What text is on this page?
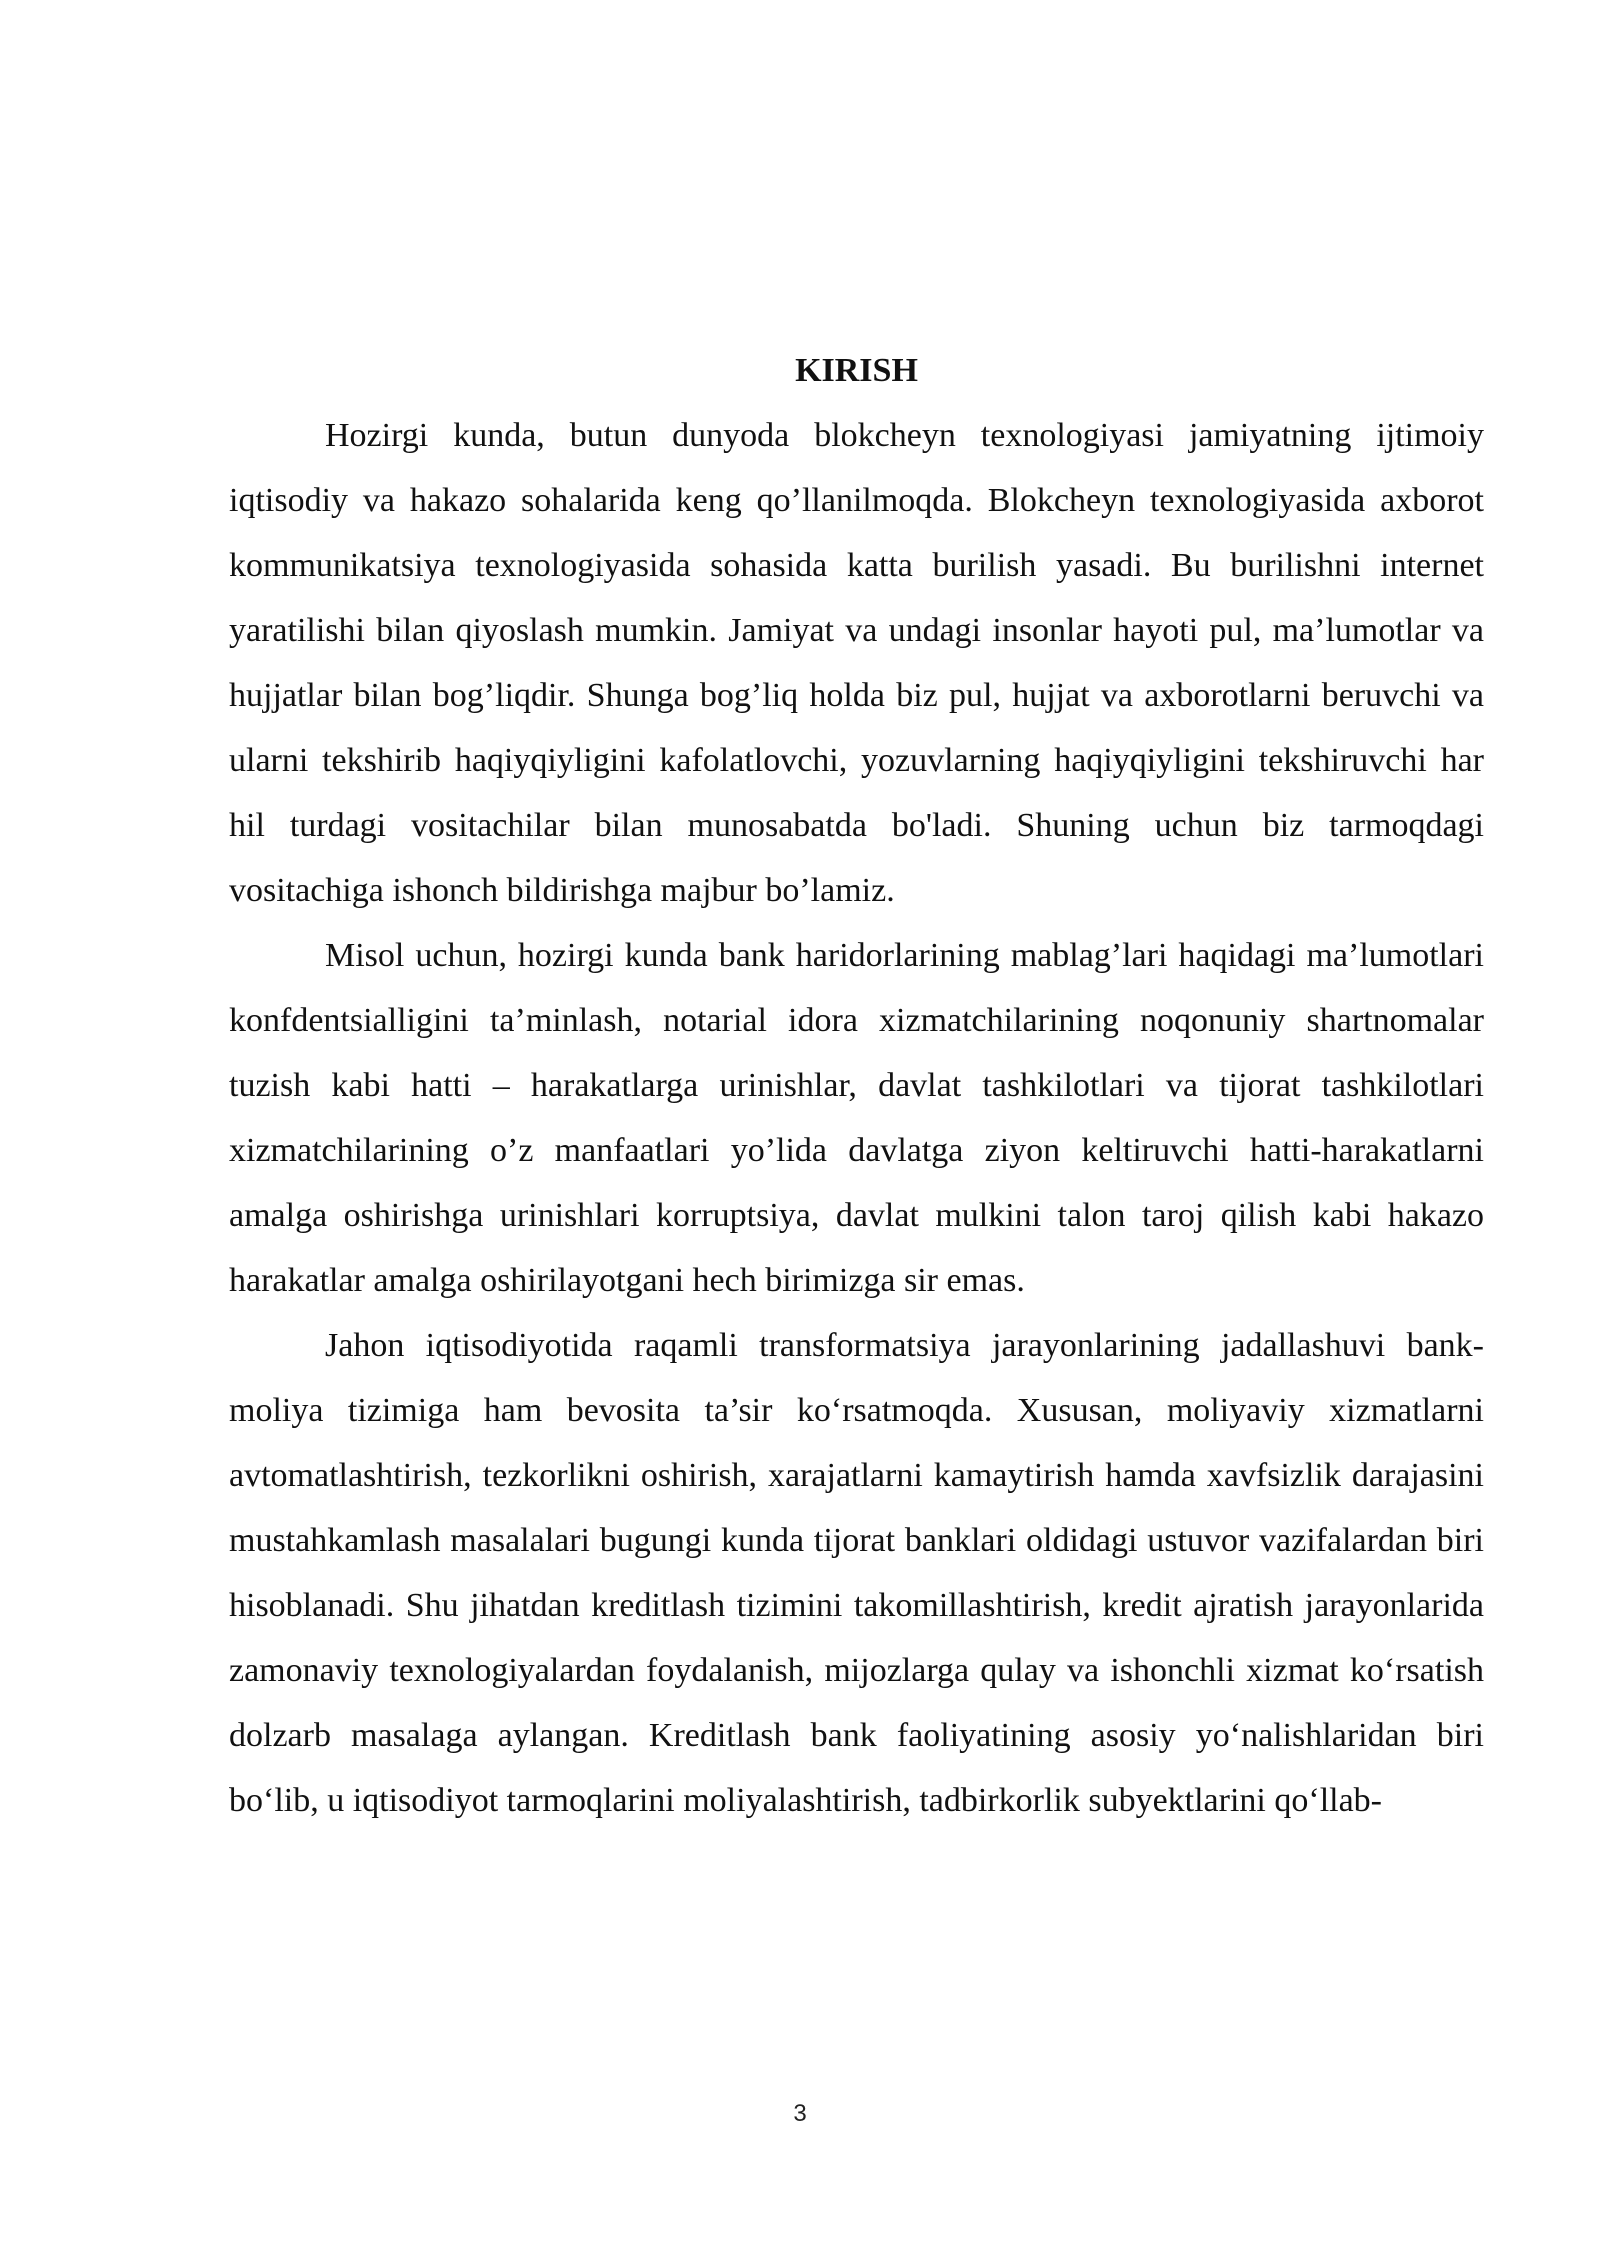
KIRISH

Hozirgi kunda, butun dunyoda blokcheyn texnologiyasi jamiyatning ijtimoiy iqtisodiy va hakazo sohalarida keng qo’llanilmoqda. Blokcheyn texnologiyasida axborot kommunikatsiya texnologiyasida sohasida katta burilish yasadi. Bu burilishni internet yaratilishi bilan qiyoslash mumkin. Jamiyat va undagi insonlar hayoti pul, ma’lumotlar va hujjatlar bilan bog’liqdir. Shunga bog’liq holda biz pul, hujjat va axborotlarni beruvchi va ularni tekshirib haqiyqiyligini kafolatlovchi, yozuvlarning haqiyqiyligini tekshiruvchi har hil turdagi vositachilar bilan munosabatda bo'ladi. Shuning uchun biz tarmoqdagi vositachiga ishonch bildirishga majbur bo’lamiz.

Misol uchun, hozirgi kunda bank haridorlarining mablag’lari haqidagi ma’lumotlari konfdentsialligini ta’minlash, notarial idora xizmatchilarining noqonuniy shartnomalar tuzish kabi hatti – harakatlarga urinishlar, davlat tashkilotlari va tijorat tashkilotlari xizmatchilarining o’z manfaatlari yo’lida davlatga ziyon keltiruvchi hatti-harakatlarni amalga oshirishga urinishlari korruptsiya, davlat mulkini talon taroj qilish kabi hakazo harakatlar amalga oshirilayotgani hech birimizga sir emas.

Jahon iqtisodiyotida raqamli transformatsiya jarayonlarining jadallashuvi bank-moliya tizimiga ham bevosita ta’sir ko‘rsatmoqda. Xususan, moliyaviy xizmatlarni avtomatlashtirish, tezkorlikni oshirish, xarajatlarni kamaytirish hamda xavfsizlik darajasini mustahkamlash masalalari bugungi kunda tijorat banklari oldidagi ustuvor vazifalardan biri hisoblanadi. Shu jihatdan kreditlash tizimini takomillashtirish, kredit ajratish jarayonlarida zamonaviy texnologiyalardan foydalanish, mijozlarga qulay va ishonchli xizmat ko‘rsatish dolzarb masalaga aylangan. Kreditlash bank faoliyatining asosiy yo‘nalishlaridan biri bo‘lib, u iqtisodiyot tarmoqlarini moliyalashtirish, tadbirkorlik subyektlarini qo‘llab-

3
